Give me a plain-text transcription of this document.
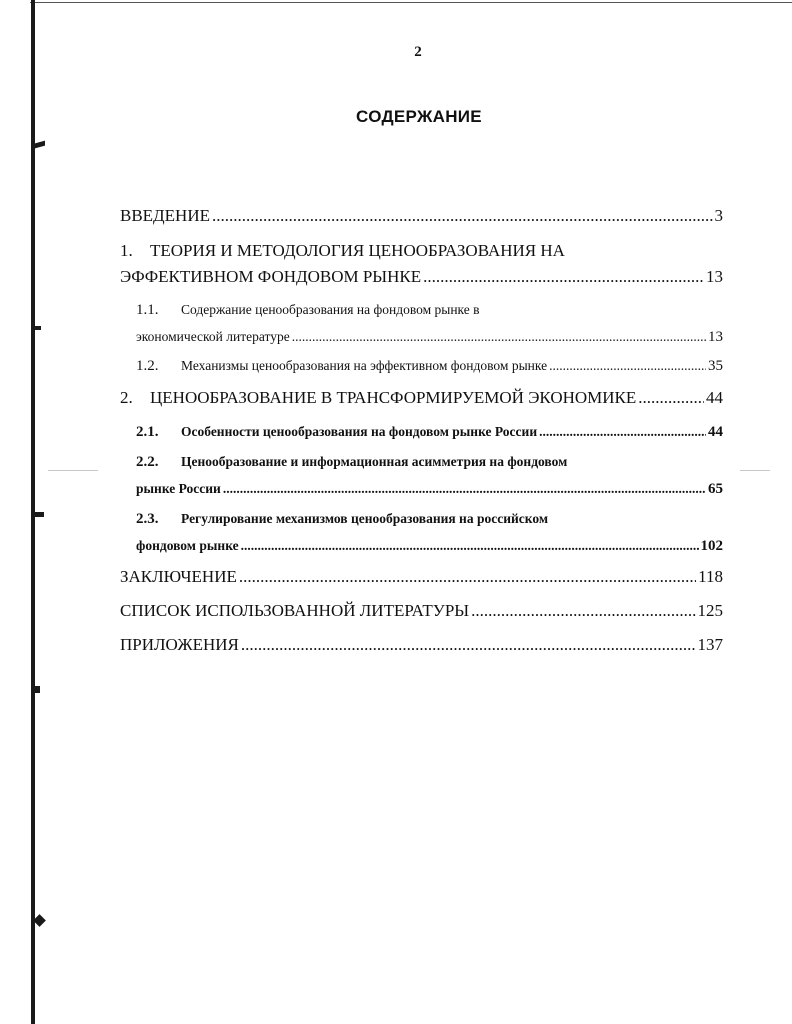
2
СОДЕРЖАНИЕ
ВВЕДЕНИЕ .....	3
1.	ТЕОРИЯ И МЕТОДОЛОГИЯ ЦЕНООБРАЗОВАНИЯ НА
ЭФФЕКТИВНОМ ФОНДОВОМ РЫНКЕ .....	13
1.1.	Содержание ценообразования на фондовом рынке в
экономической литературе .....	13
1.2.	Механизмы ценообразования на эффективном фондовом рынке .....	35
2.	ЦЕНООБРАЗОВАНИЕ В ТРАНСФОРМИРУЕМОЙ ЭКОНОМИКЕ .....	44
2.1.	Особенности ценообразования на фондовом рынке России .....	44
2.2.	Ценообразование и информационная асимметрия на фондовом
рынке России .....	65
2.3.	Регулирование механизмов ценообразования на российском
фондовом рынке .....	102
ЗАКЛЮЧЕНИЕ .....	118
СПИСОК ИСПОЛЬЗОВАННОЙ ЛИТЕРАТУРЫ .....	125
ПРИЛОЖЕНИЯ .....	137
